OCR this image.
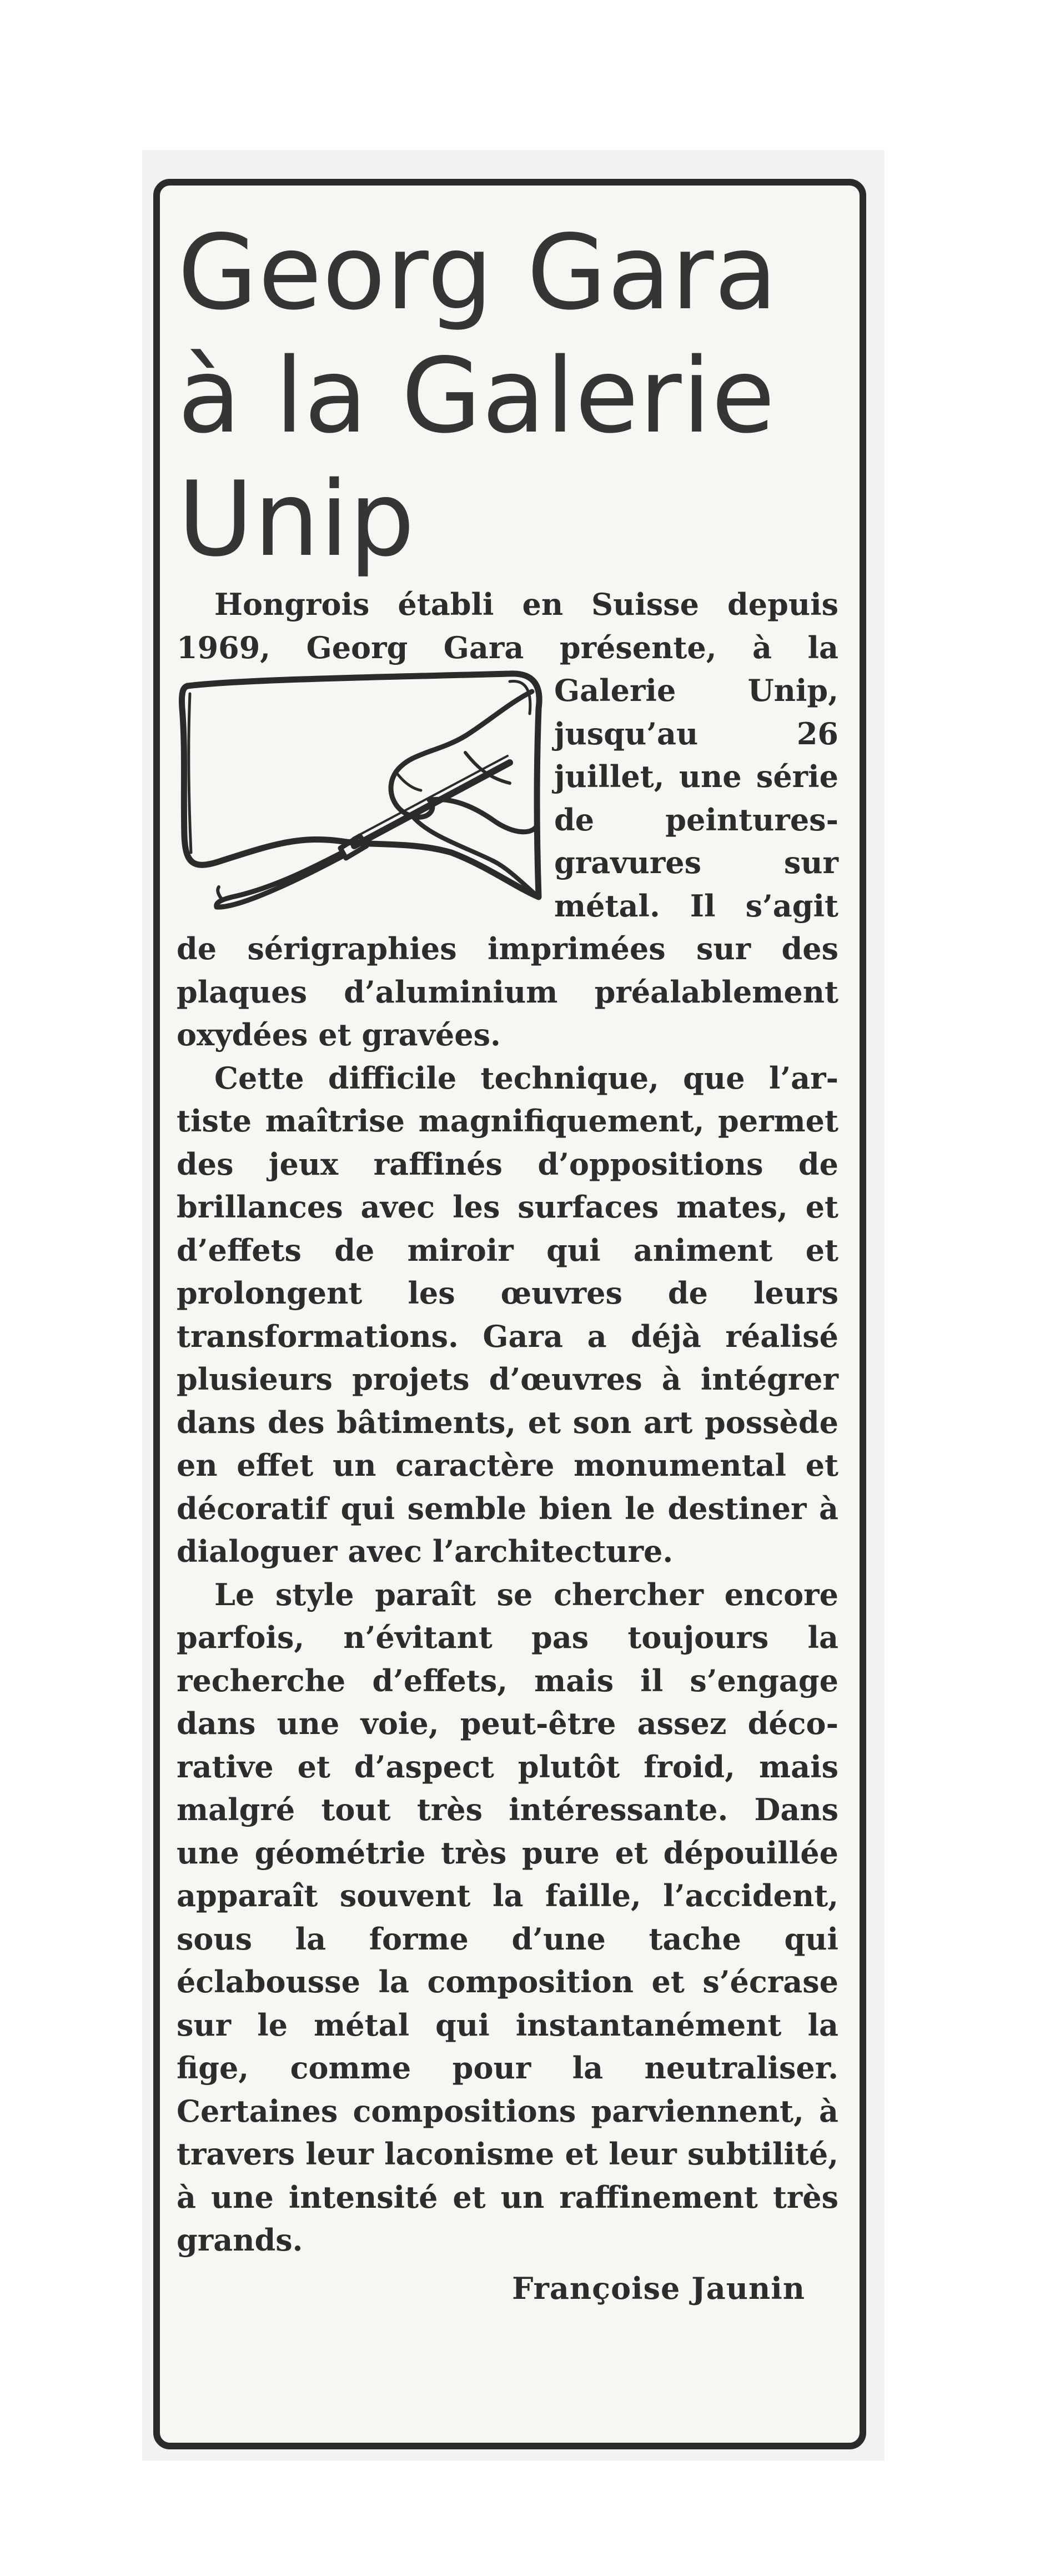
Georg Gara
à la Galerie
Unip

Hongrois établi en Suisse depuis 1969, Georg Gara présente, à la Galerie Unip, jusqu’au 26 juillet, une série de peintures-gravures sur métal. Il s’agit de sérigraphies imprimées sur des plaques d’aluminium préalablement oxydées et gravées.

Cette difficile technique, que l’artiste maîtrise magnifiquement, permet des jeux raffinés d’oppositions de brillances avec les surfaces mates, et d’effets de miroir qui animent et prolongent les œuvres de leurs transformations. Gara a déjà réalisé plusieurs projets d’œuvres à intégrer dans des bâtiments, et son art possède en effet un caractère monumental et décoratif qui semble bien le destiner à dialoguer avec l’architecture.

Le style paraît se chercher encore parfois, n’évitant pas toujours la recherche d’effets, mais il s’engage dans une voie, peut-être assez décorative et d’aspect plutôt froid, mais malgré tout très intéressante. Dans une géométrie très pure et dépouillée apparaît souvent la faille, l’accident, sous la forme d’une tache qui éclabousse la composition et s’écrase sur le métal qui instantanément la fige, comme pour la neutraliser. Certaines compositions parviennent, à travers leur laconisme et leur subtilité, à une intensité et un raffinement très grands.

Françoise Jaunin
